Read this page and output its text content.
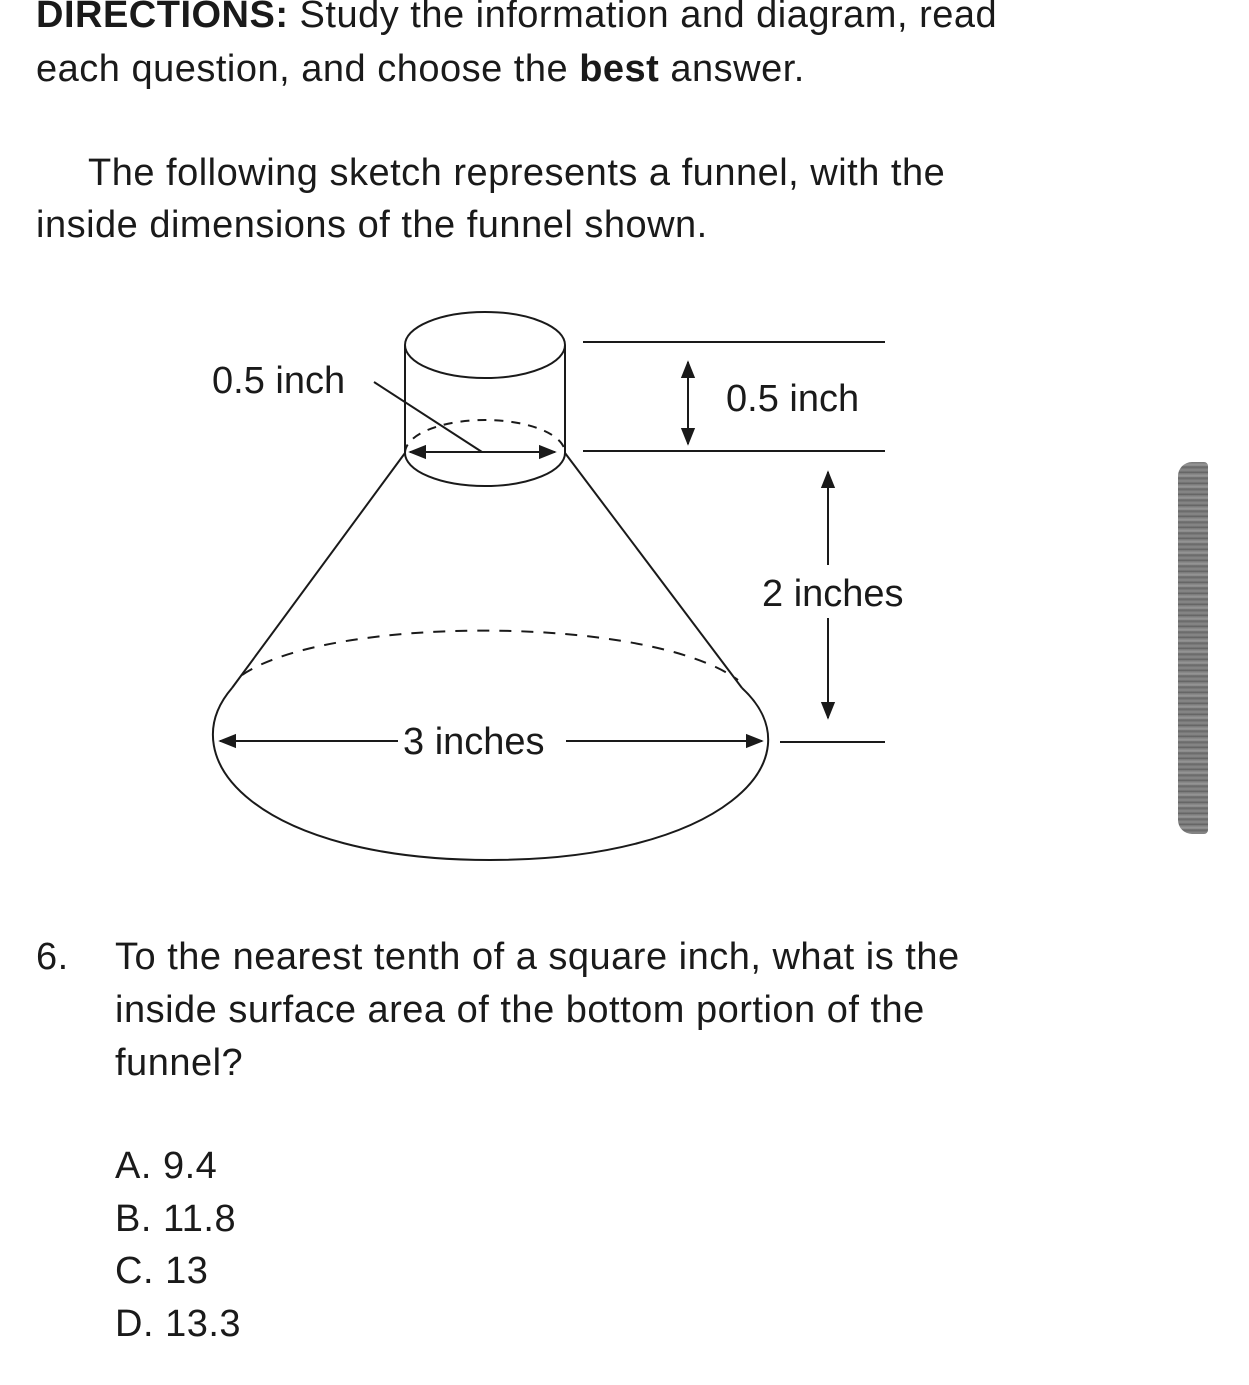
DIRECTIONS: Study the information and diagram, read

each question, and choose the best answer.

The following sketch represents a funnel, with the

inside dimensions of the funnel shown.

0.5 inch	0.5 inch
2 inches
3 inches

6. To the nearest tenth of a square inch, what is the

inside surface area of the bottom portion of the

funnel?

A. 9.4

B. 11.8

C. 13

D. 13.3
